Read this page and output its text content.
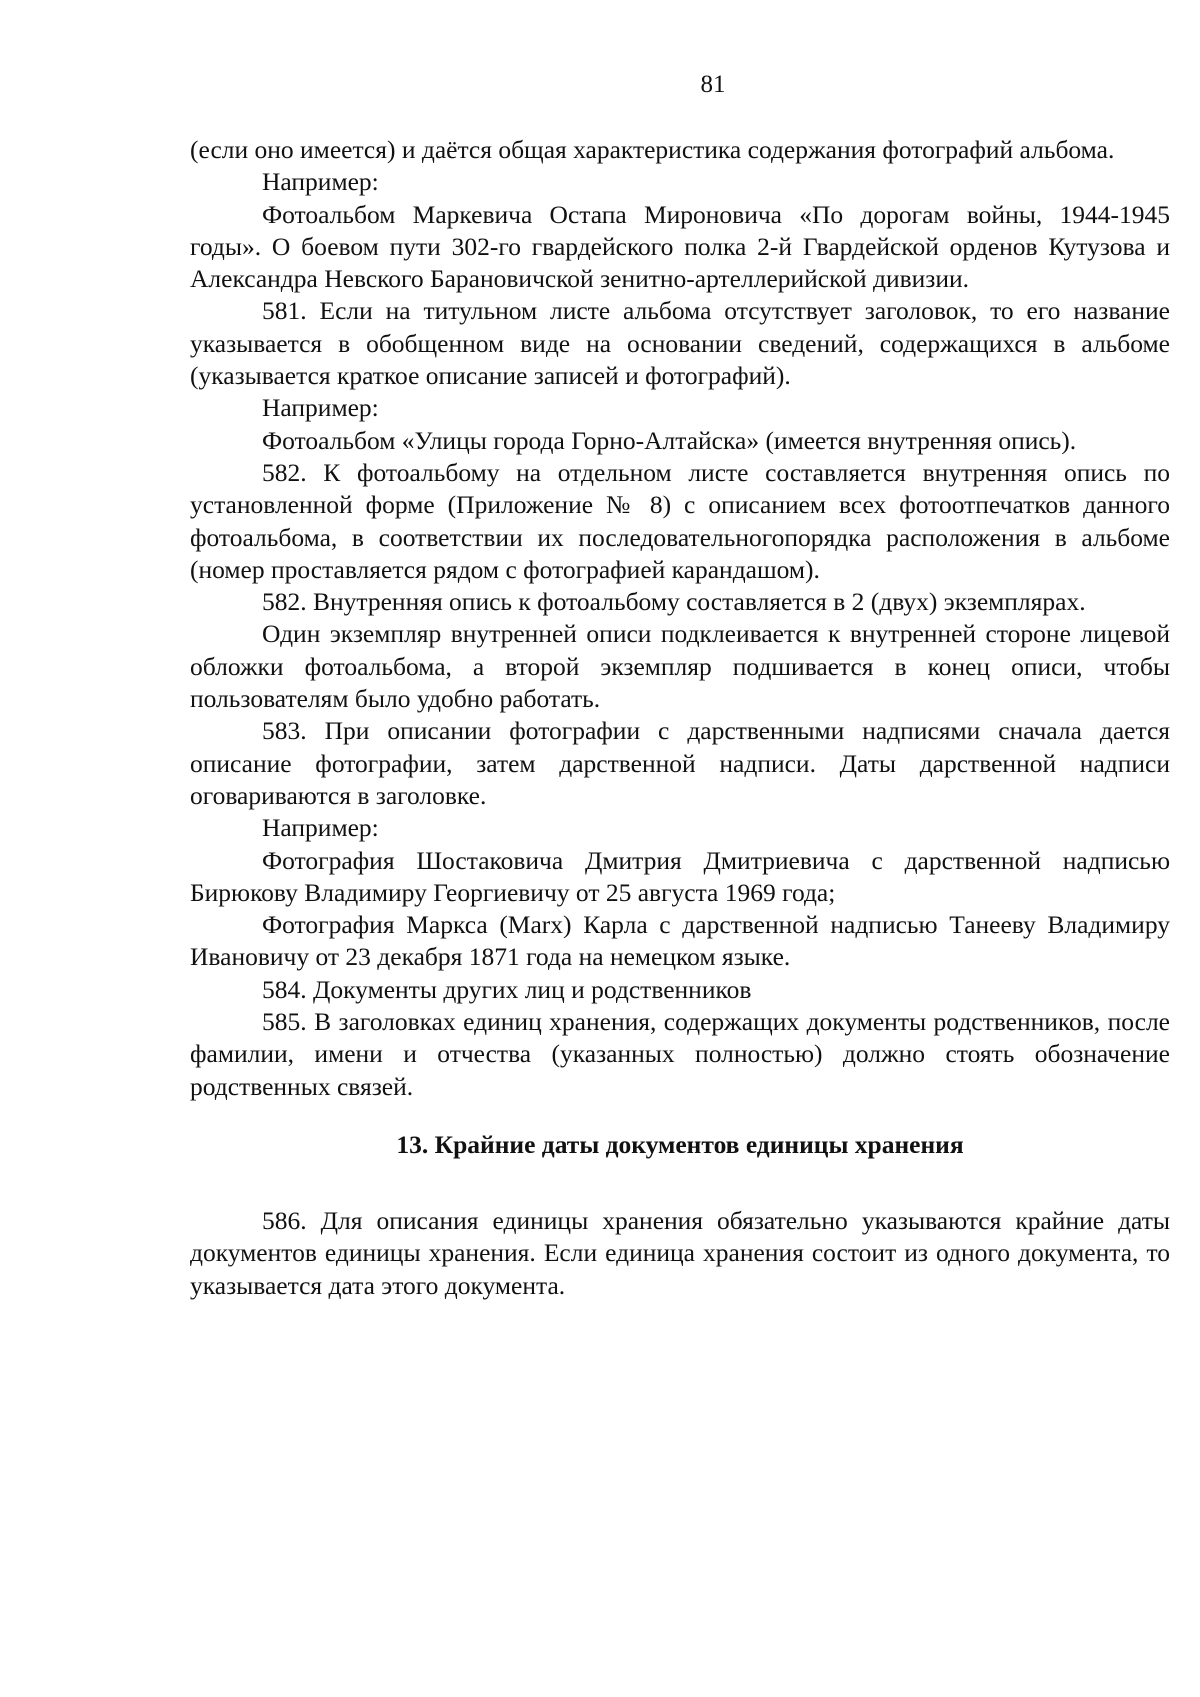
81

(если оно имеется) и даётся общая характеристика содержания фотографий альбома.

Например:

Фотоальбом Маркевича Остапа Мироновича «По дорогам войны, 1944-1945 годы». О боевом пути 302-го гвардейского полка 2-й Гвардейской орденов Кутузова и Александра Невского Барановичской зенитно-артеллерийской дивизии.

581. Если на титульном листе альбома отсутствует заголовок, то его название указывается в обобщенном виде на основании сведений, содержащихся в альбоме (указывается краткое описание записей и фотографий).

Например:

Фотоальбом «Улицы города Горно-Алтайска» (имеется внутренняя опись).

582. К фотоальбому на отдельном листе составляется внутренняя опись по установленной форме (Приложение № 8) с описанием всех фотоотпечатков данного фотоальбома, в соответствии их последовательногопорядка расположения в альбоме (номер проставляется рядом с фотографией карандашом).

582. Внутренняя опись к фотоальбому составляется в 2 (двух) экземплярах.

Один экземпляр внутренней описи подклеивается к внутренней стороне лицевой обложки фотоальбома, а второй экземпляр подшивается в конец описи, чтобы пользователям было удобно работать.

583. При описании фотографии с дарственными надписями сначала дается описание фотографии, затем дарственной надписи. Даты дарственной надписи оговариваются в заголовке.

Например:

Фотография Шостаковича Дмитрия Дмитриевича с дарственной надписью Бирюкову Владимиру Георгиевичу от 25 августа 1969 года;

Фотография Маркса (Marx) Карла с дарственной надписью Танееву Владимиру Ивановичу от 23 декабря 1871 года на немецком языке.

584. Документы других лиц и родственников

585. В заголовках единиц хранения, содержащих документы родственников, после фамилии, имени и отчества (указанных полностью) должно стоять обозначение родственных связей.

13. Крайние даты документов единицы хранения

586. Для описания единицы хранения обязательно указываются крайние даты документов единицы хранения. Если единица хранения состоит из одного документа, то указывается дата этого документа.
